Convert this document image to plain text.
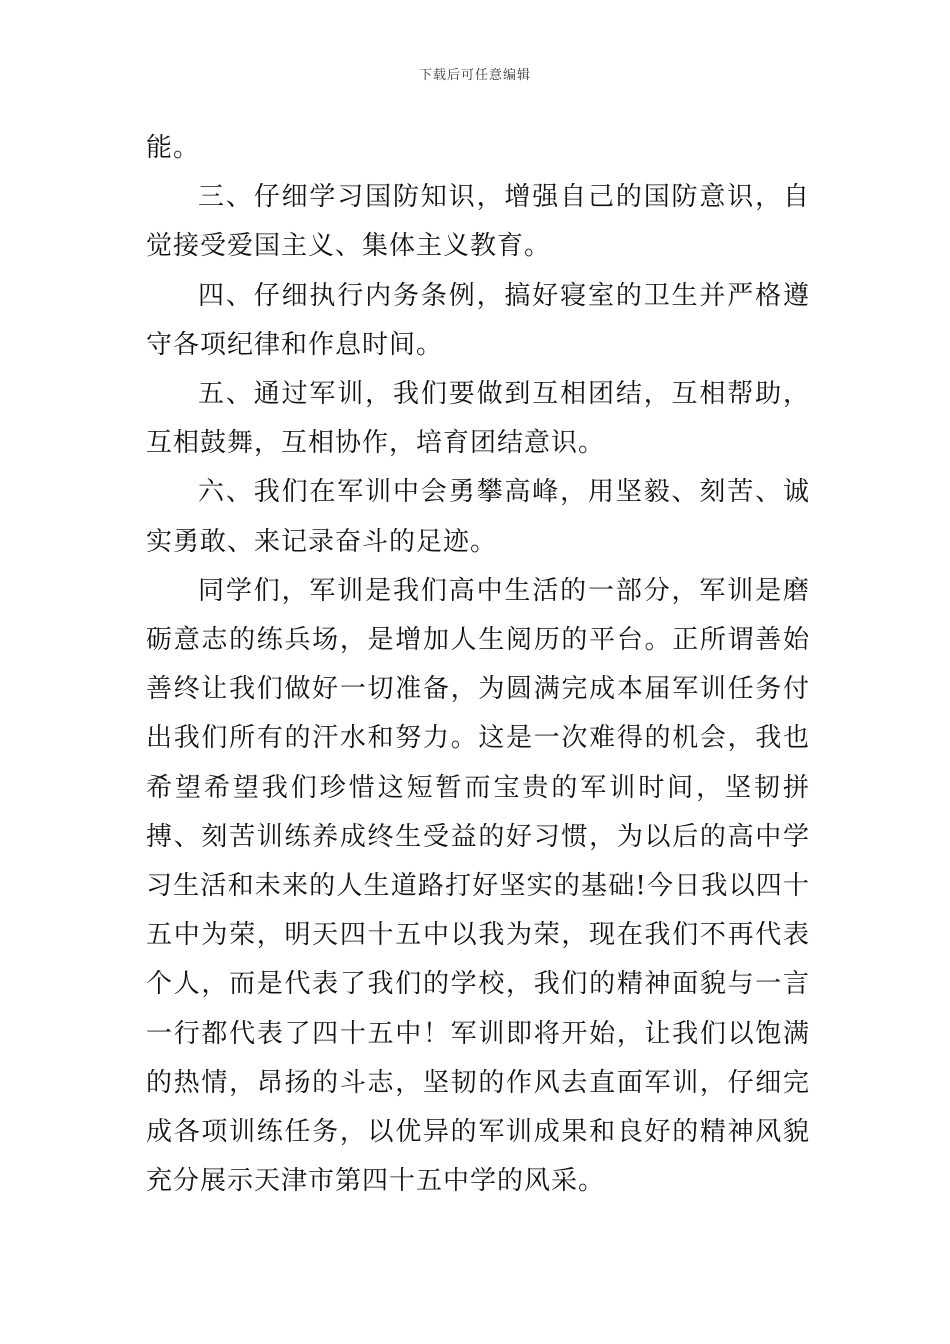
下载后可任意编辑

能。

三、仔细学习国防知识，增强自己的国防意识，自觉接受爱国主义、集体主义教育。

四、仔细执行内务条例，搞好寝室的卫生并严格遵守各项纪律和作息时间。

五、通过军训，我们要做到互相团结，互相帮助，互相鼓舞，互相协作，培育团结意识。

六、我们在军训中会勇攀高峰，用坚毅、刻苦、诚实勇敢、来记录奋斗的足迹。

同学们，军训是我们高中生活的一部分，军训是磨砺意志的练兵场，是增加人生阅历的平台。正所谓善始善终让我们做好一切准备，为圆满完成本届军训任务付出我们所有的汗水和努力。这是一次难得的机会，我也希望希望我们珍惜这短暂而宝贵的军训时间，坚韧拼搏、刻苦训练养成终生受益的好习惯，为以后的高中学习生活和未来的人生道路打好坚实的基础!今日我以四十五中为荣，明天四十五中以我为荣，现在我们不再代表个人，而是代表了我们的学校，我们的精神面貌与一言一行都代表了四十五中！军训即将开始，让我们以饱满的热情，昂扬的斗志，坚韧的作风去直面军训，仔细完成各项训练任务，以优异的军训成果和良好的精神风貌充分展示天津市第四十五中学的风采。
